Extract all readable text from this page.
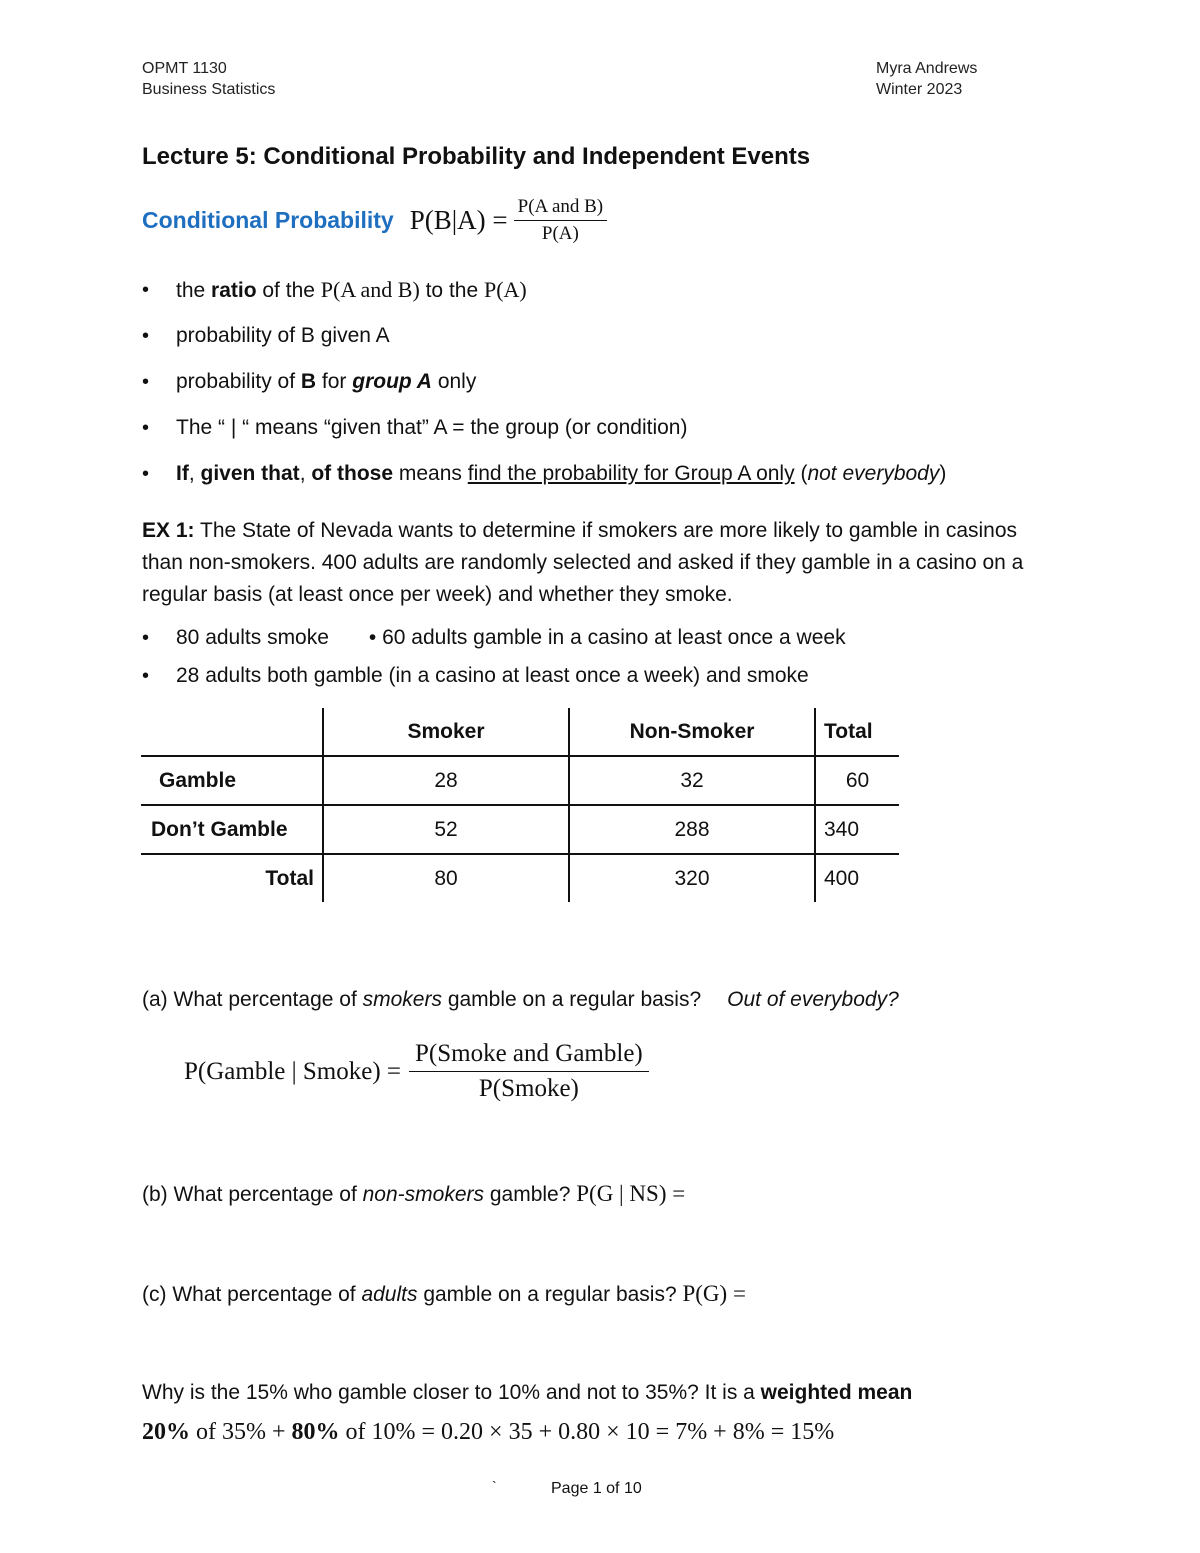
OPMT 1130
Business Statistics
Myra Andrews
Winter 2023
Lecture 5: Conditional Probability and Independent Events
Conditional Probability $P(B|A) = \frac{\text{P(A and B)}}{P(A)}$
• the ratio of the P(A and B) to the P(A)
• probability of B given A
• probability of B for group A only
• The “ | “ means “given that” A = the group (or condition)
• If, given that, of those means find the probability for Group A only (not everybody)
EX 1: The State of Nevada wants to determine if smokers are more likely to gamble in casinos than non-smokers. 400 adults are randomly selected and asked if they gamble in a casino on a regular basis (at least once per week) and whether they smoke.
• 80 adults smoke • 60 adults gamble in a casino at least once a week
• 28 adults both gamble (in a casino at least once a week) and smoke
	Smoker	Non-Smoker	Total
Gamble	28	32	60
Don’t Gamble	52	288	340
Total	80	320	400
(a) What percentage of smokers gamble on a regular basis? Out of everybody?
P(Gamble | Smoke) = $\frac{\text{P(Smoke and Gamble)}}{\text{P(Smoke)}}$
(b) What percentage of non-smokers gamble? P(G | NS) =
(c) What percentage of adults gamble on a regular basis? P(G) =
Why is the 15% who gamble closer to 10% and not to 35%? It is a weighted mean
20% of 35% + 80% of 10% = 0.20 × 35 + 0.80 × 10 = 7% + 8% = 15%
`	Page 1 of 10
